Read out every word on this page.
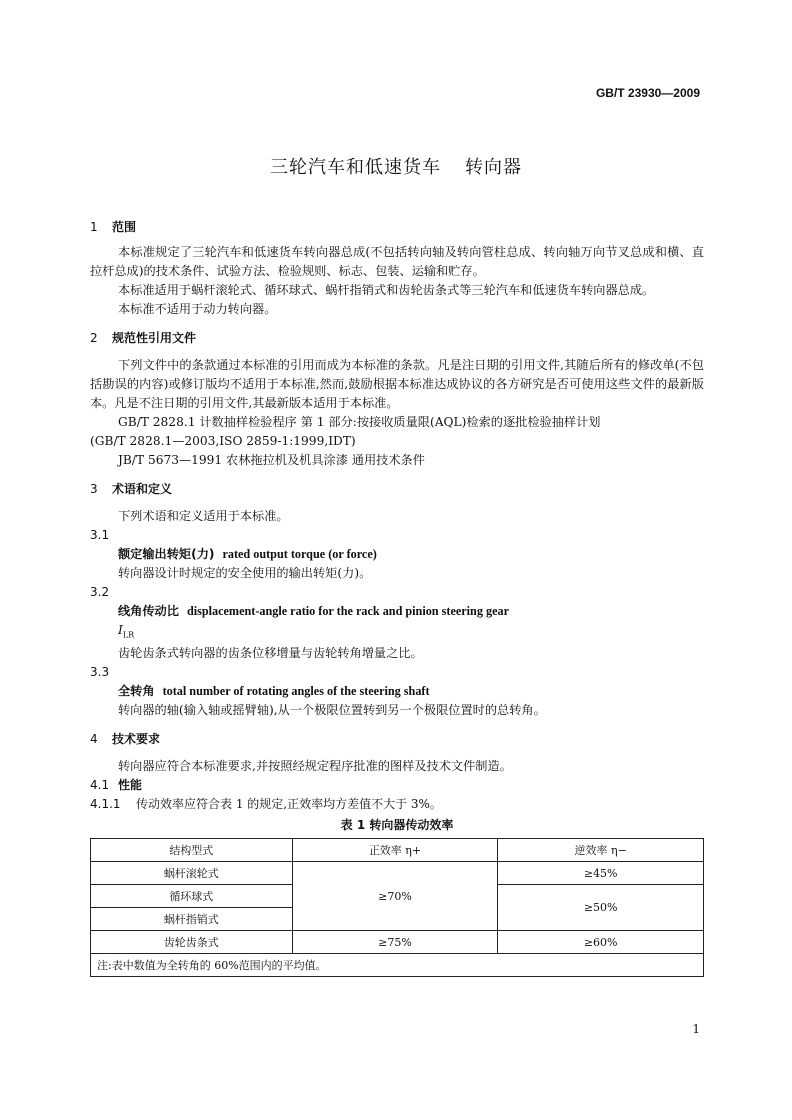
GB/T 23930—2009
三轮汽车和低速货车 转向器

1 范围

本标准规定了三轮汽车和低速货车转向器总成(不包括转向轴及转向管柱总成、转向轴万向节叉总成和横、直拉杆总成)的技术条件、试验方法、检验规则、标志、包装、运输和贮存。

本标准适用于蜗杆滚轮式、循环球式、蜗杆指销式和齿轮齿条式等三轮汽车和低速货车转向器总成。

本标准不适用于动力转向器。

2 规范性引用文件

下列文件中的条款通过本标准的引用而成为本标准的条款。凡是注日期的引用文件,其随后所有的修改单(不包括勘误的内容)或修订版均不适用于本标准,然而,鼓励根据本标准达成协议的各方研究是否可使用这些文件的最新版本。凡是不注日期的引用文件,其最新版本适用于本标准。

GB/T 2828.1 计数抽样检验程序 第 1 部分:按接收质量限(AQL)检索的逐批检验抽样计划

(GB/T 2828.1—2003,ISO 2859-1:1999,IDT)

JB/T 5673—1991 农林拖拉机及机具涂漆 通用技术条件

3 术语和定义

下列术语和定义适用于本标准。

3.1

额定输出转矩(力) rated output torque (or force)

转向器设计时规定的安全使用的输出转矩(力)。

3.2

线角传动比 displacement-angle ratio for the rack and pinion steering gear

$I_{LR}$

齿轮齿条式转向器的齿条位移增量与齿轮转角增量之比。

3.3

全转角 total number of rotating angles of the steering shaft

转向器的轴(输入轴或摇臂轴),从一个极限位置转到另一个极限位置时的总转角。

4 技术要求

转向器应符合本标准要求,并按照经规定程序批准的图样及技术文件制造。

4.1 性能

4.1.1 传动效率应符合表 1 的规定,正效率均方差值不大于 3%。

表 1 转向器传动效率

结构型式	正效率 η+	逆效率 η−
蜗杆滚轮式	≥70%	≥45%
循环球式		≥50%
蜗杆指销式		
齿轮齿条式	≥75%	≥60%
注:表中数值为全转角的 60%范围内的平均值。		
1
